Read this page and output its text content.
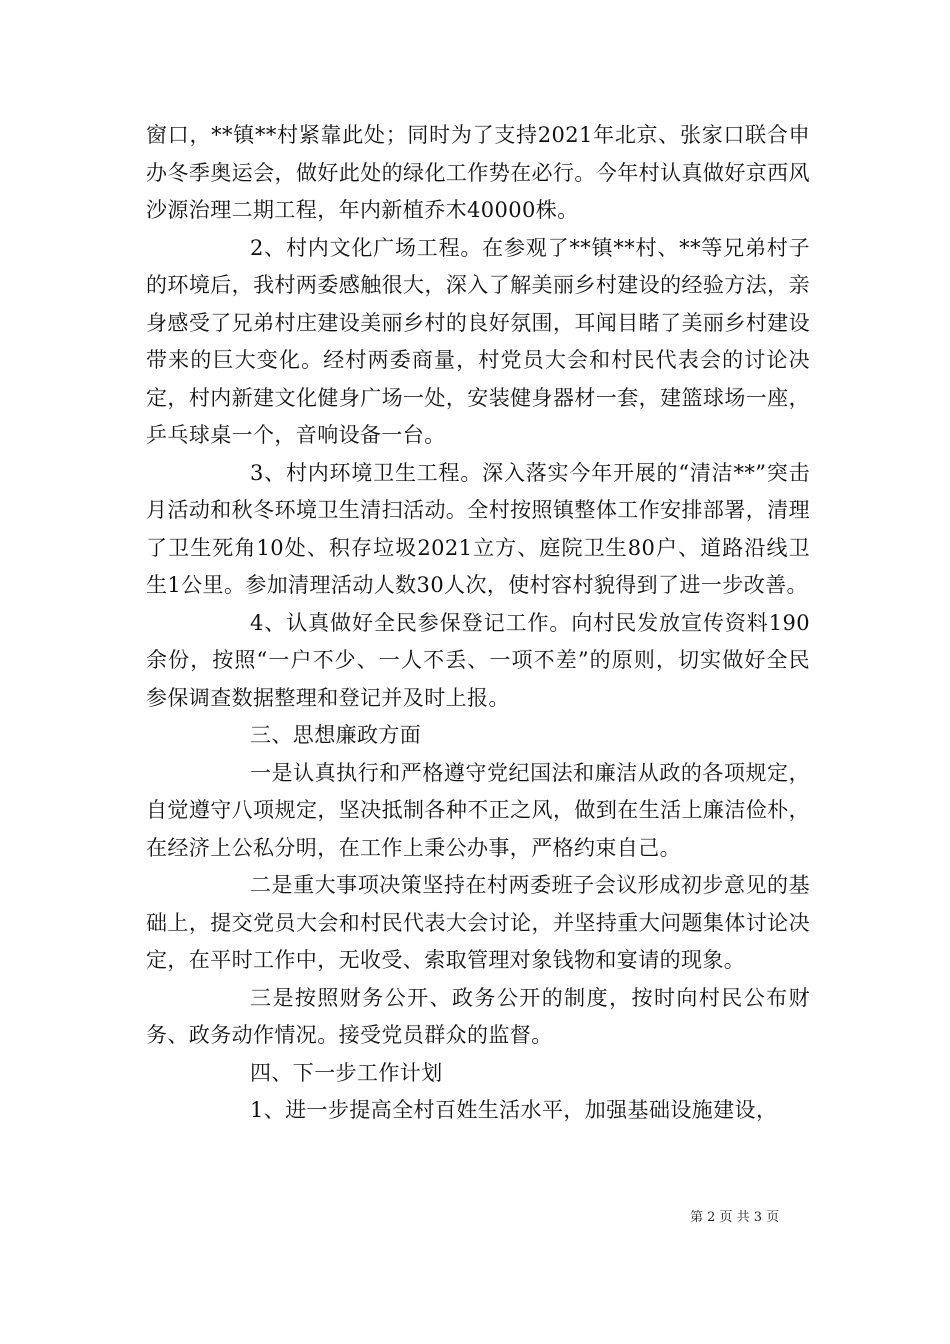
窗口，**镇**村紧靠此处；同时为了支持2021年北京、张家口联合申办冬季奥运会，做好此处的绿化工作势在必行。今年村认真做好京西风沙源治理二期工程，年内新植乔木40000株。

2、村内文化广场工程。在参观了**镇**村、**等兄弟村子的环境后，我村两委感触很大，深入了解美丽乡村建设的经验方法，亲身感受了兄弟村庄建设美丽乡村的良好氛围，耳闻目睹了美丽乡村建设带来的巨大变化。经村两委商量，村党员大会和村民代表会的讨论决定，村内新建文化健身广场一处，安装健身器材一套，建篮球场一座，乒乓球桌一个，音响设备一台。

3、村内环境卫生工程。深入落实今年开展的“清洁**”突击月活动和秋冬环境卫生清扫活动。全村按照镇整体工作安排部署，清理了卫生死角10处、积存垃圾2021立方、庭院卫生80户、道路沿线卫生1公里。参加清理活动人数30人次，使村容村貌得到了进一步改善。

4、认真做好全民参保登记工作。向村民发放宣传资料190余份，按照“一户不少、一人不丢、一项不差”的原则，切实做好全民参保调查数据整理和登记并及时上报。

三、思想廉政方面

一是认真执行和严格遵守党纪国法和廉洁从政的各项规定，自觉遵守八项规定，坚决抵制各种不正之风，做到在生活上廉洁俭朴，在经济上公私分明，在工作上秉公办事，严格约束自己。

二是重大事项决策坚持在村两委班子会议形成初步意见的基础上，提交党员大会和村民代表大会讨论，并坚持重大问题集体讨论决定，在平时工作中，无收受、索取管理对象钱物和宴请的现象。

三是按照财务公开、政务公开的制度，按时向村民公布财务、政务动作情况。接受党员群众的监督。

四、下一步工作计划

1、进一步提高全村百姓生活水平，加强基础设施建设，

第 2 页 共 3 页
